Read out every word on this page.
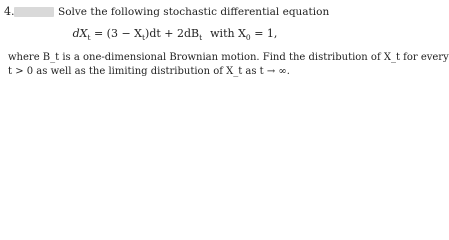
4.	Solve the following stochastic differential equation
$dX_t = (3 - X_t)dt + 2dB_t$ with $X_0 = 1$,
where B_t is a one-dimensional Brownian motion. Find the distribution of X_t for every
t > 0 as well as the limiting distribution of X_t as t → ∞.
